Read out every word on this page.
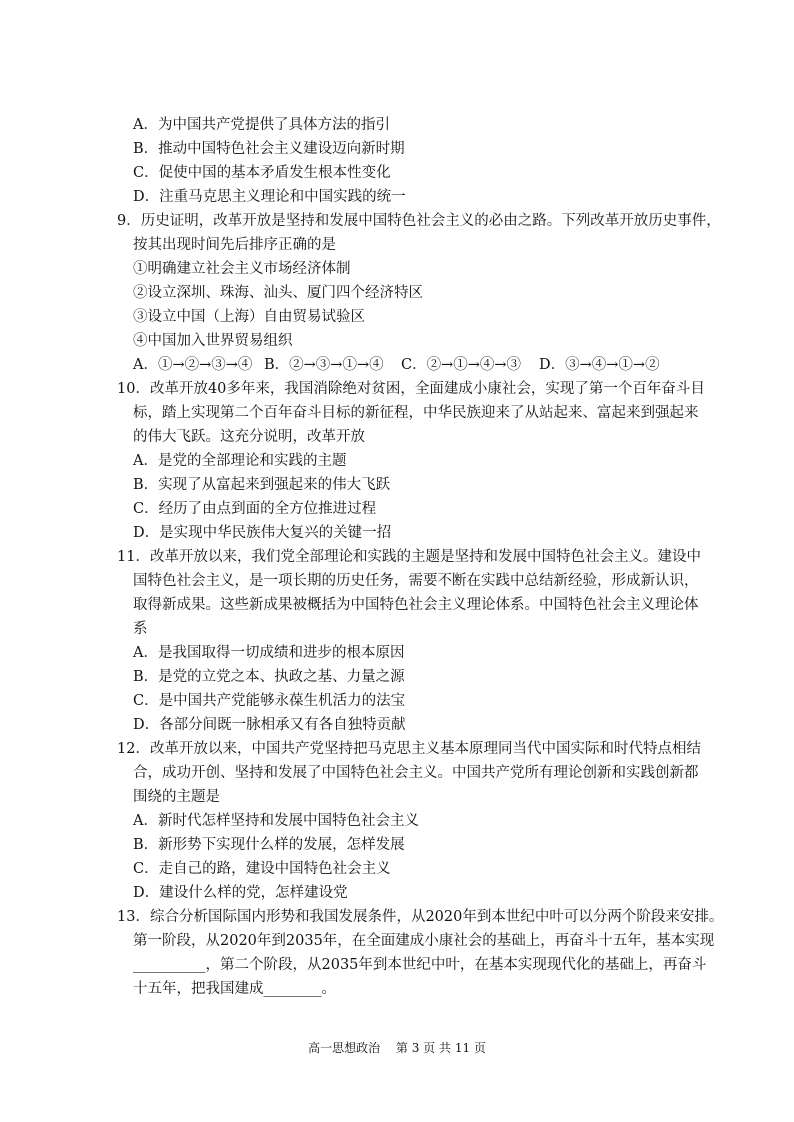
A．为中国共产党提供了具体方法的指引
B．推动中国特色社会主义建设迈向新时期
C．促使中国的基本矛盾发生根本性变化
D．注重马克思主义理论和中国实践的统一
9．历史证明，改革开放是坚持和发展中国特色社会主义的必由之路。下列改革开放历史事件，
按其出现时间先后排序正确的是
①明确建立社会主义市场经济体制
②设立深圳、珠海、汕头、厦门四个经济特区
③设立中国（上海）自由贸易试验区
④中国加入世界贸易组织
A．①→②→③→④ B．②→③→①→④ C．②→①→④→③ D．③→④→①→②
10．改革开放40多年来，我国消除绝对贫困，全面建成小康社会，实现了第一个百年奋斗目
标，踏上实现第二个百年奋斗目标的新征程，中华民族迎来了从站起来、富起来到强起来
的伟大飞跃。这充分说明，改革开放
A．是党的全部理论和实践的主题
B．实现了从富起来到强起来的伟大飞跃
C．经历了由点到面的全方位推进过程
D．是实现中华民族伟大复兴的关键一招
11．改革开放以来，我们党全部理论和实践的主题是坚持和发展中国特色社会主义。建设中
国特色社会主义，是一项长期的历史任务，需要不断在实践中总结新经验，形成新认识，
取得新成果。这些新成果被概括为中国特色社会主义理论体系。中国特色社会主义理论体
系
A．是我国取得一切成绩和进步的根本原因
B．是党的立党之本、执政之基、力量之源
C．是中国共产党能够永葆生机活力的法宝
D．各部分间既一脉相承又有各自独特贡献
12．改革开放以来，中国共产党坚持把马克思主义基本原理同当代中国实际和时代特点相结
合，成功开创、坚持和发展了中国特色社会主义。中国共产党所有理论创新和实践创新都
围绕的主题是
A．新时代怎样坚持和发展中国特色社会主义
B．新形势下实现什么样的发展，怎样发展
C．走自己的路，建设中国特色社会主义
D．建设什么样的党，怎样建设党
13．综合分析国际国内形势和我国发展条件，从2020年到本世纪中叶可以分两个阶段来安排。
第一阶段，从2020年到2035年，在全面建成小康社会的基础上，再奋斗十五年，基本实现
__________，第二个阶段，从2035年到本世纪中叶，在基本实现现代化的基础上，再奋斗
十五年，把我国建成________。
高一思想政治 第 3 页 共 11 页
